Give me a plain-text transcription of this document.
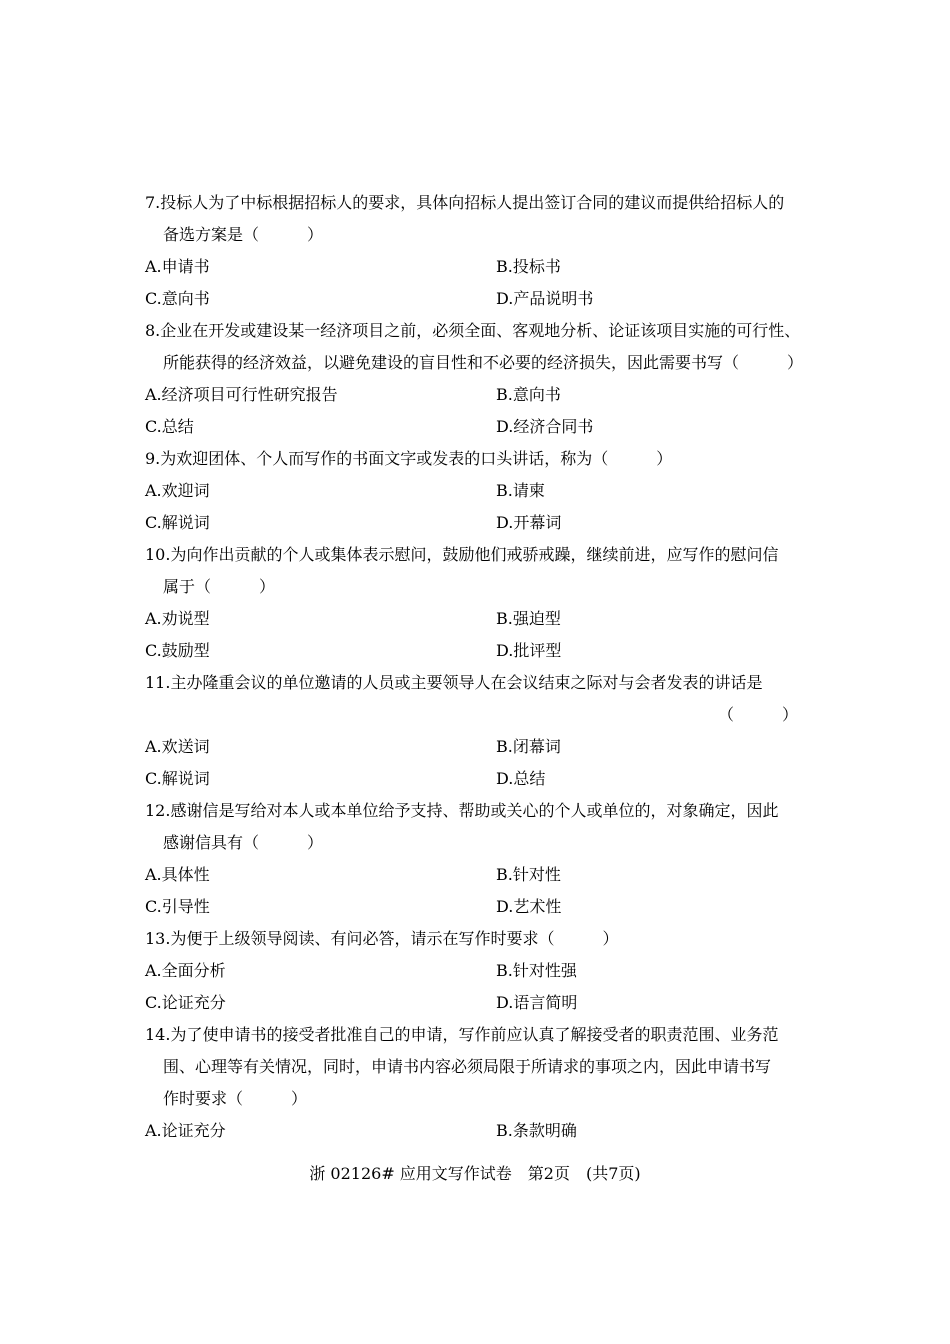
7.投标人为了中标根据招标人的要求，具体向招标人提出签订合同的建议而提供给招标人的
备选方案是（　　　）
A.申请书	B.投标书
C.意向书	D.产品说明书
8.企业在开发或建设某一经济项目之前，必须全面、客观地分析、论证该项目实施的可行性、
所能获得的经济效益，以避免建设的盲目性和不必要的经济损失，因此需要书写（　　　）
A.经济项目可行性研究报告	B.意向书
C.总结	D.经济合同书
9.为欢迎团体、个人而写作的书面文字或发表的口头讲话，称为（　　　）
A.欢迎词	B.请柬
C.解说词	D.开幕词
10.为向作出贡献的个人或集体表示慰问，鼓励他们戒骄戒躁，继续前进，应写作的慰问信
属于（　　　）
A.劝说型	B.强迫型
C.鼓励型	D.批评型
11.主办隆重会议的单位邀请的人员或主要领导人在会议结束之际对与会者发表的讲话是
（　　　）
A.欢送词	B.闭幕词
C.解说词	D.总结
12.感谢信是写给对本人或本单位给予支持、帮助或关心的个人或单位的，对象确定，因此
感谢信具有（　　　）
A.具体性	B.针对性
C.引导性	D.艺术性
13.为便于上级领导阅读、有问必答，请示在写作时要求（　　　）
A.全面分析	B.针对性强
C.论证充分	D.语言简明
14.为了使申请书的接受者批准自己的申请，写作前应认真了解接受者的职责范围、业务范
围、心理等有关情况，同时，申请书内容必须局限于所请求的事项之内，因此申请书写
作时要求（　　　）
A.论证充分	B.条款明确
浙 02126# 应用文写作试卷　第2页　(共7页)
